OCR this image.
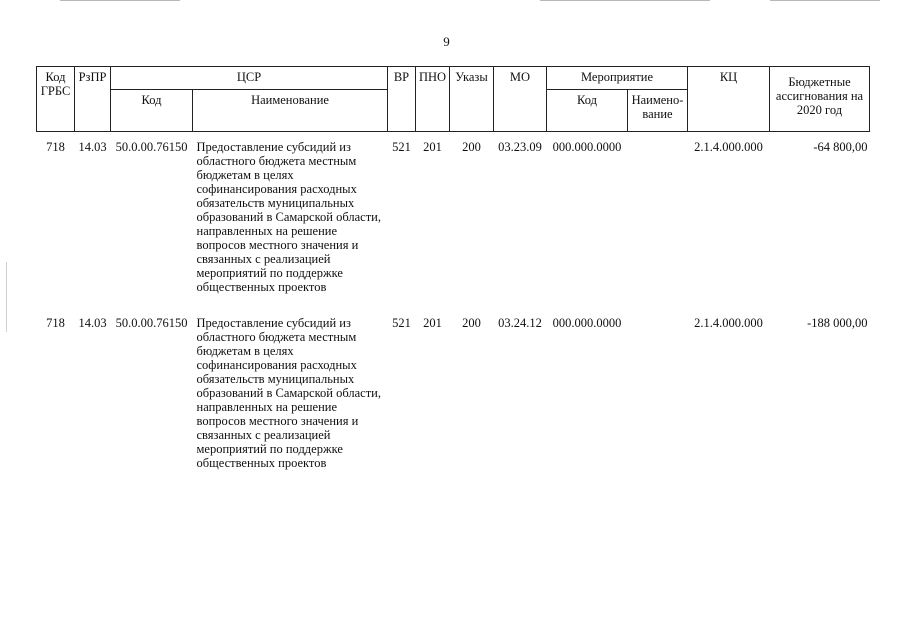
9
Код ГРБС	РзПР	ЦСР		ВР	ПНО	Указы	МО	Мероприятие		КЦ	Бюджетные ассигнования на 2020 год
		Код	Наименование					Код	Наимено-вание		
718	14.03	50.0.00.76150	Предоставление субсидий из областного бюджета местным бюджетам в целях софинансирования расходных обязательств муниципальных образований в Самарской области, направленных на решение вопросов местного значения и связанных с реализацией мероприятий по поддержке общественных проектов	521	201	200	03.23.09	000.000.0000		2.1.4.000.000	-64 800,00
718	14.03	50.0.00.76150	Предоставление субсидий из областного бюджета местным бюджетам в целях софинансирования расходных обязательств муниципальных образований в Самарской области, направленных на решение вопросов местного значения и связанных с реализацией мероприятий по поддержке общественных проектов	521	201	200	03.24.12	000.000.0000		2.1.4.000.000	-188 000,00
